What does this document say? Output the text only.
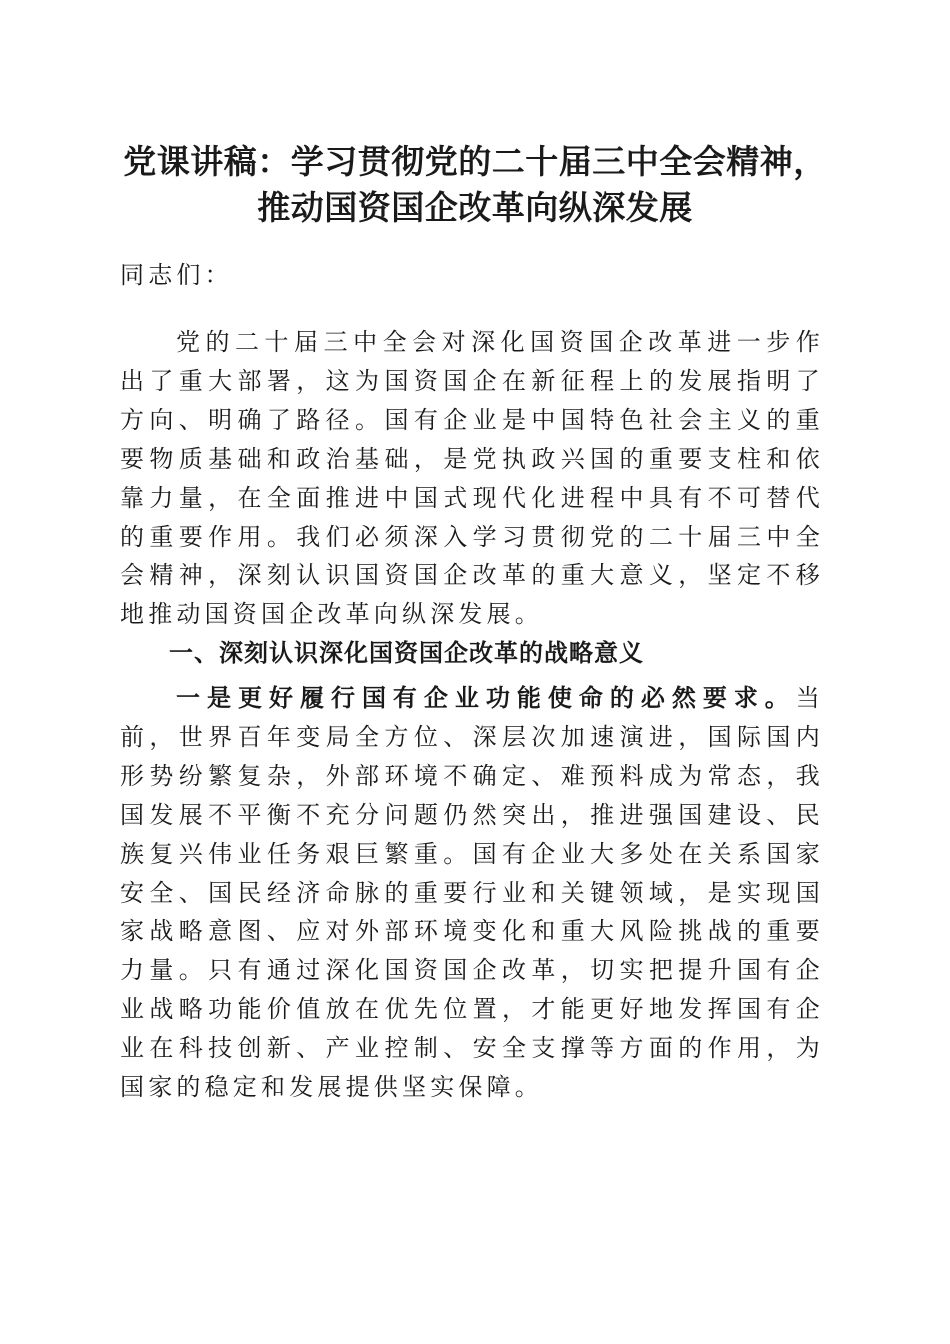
党课讲稿：学习贯彻党的二十届三中全会精神，
推动国资国企改革向纵深发展
同志们：

党的二十届三中全会对深化国资国企改革进一步作出了重大部署，这为国资国企在新征程上的发展指明了方向、明确了路径。国有企业是中国特色社会主义的重要物质基础和政治基础，是党执政兴国的重要支柱和依靠力量，在全面推进中国式现代化进程中具有不可替代的重要作用。我们必须深入学习贯彻党的二十届三中全会精神，深刻认识国资国企改革的重大意义，坚定不移地推动国资国企改革向纵深发展。

一、深刻认识深化国资国企改革的战略意义

一是更好履行国有企业功能使命的必然要求。当前，世界百年变局全方位、深层次加速演进，国际国内形势纷繁复杂，外部环境不确定、难预料成为常态，我国发展不平衡不充分问题仍然突出，推进强国建设、民族复兴伟业任务艰巨繁重。国有企业大多处在关系国家安全、国民经济命脉的重要行业和关键领域，是实现国家战略意图、应对外部环境变化和重大风险挑战的重要力量。只有通过深化国资国企改革，切实把提升国有企业战略功能价值放在优先位置，才能更好地发挥国有企业在科技创新、产业控制、安全支撑等方面的作用，为国家的稳定和发展提供坚实保障。
